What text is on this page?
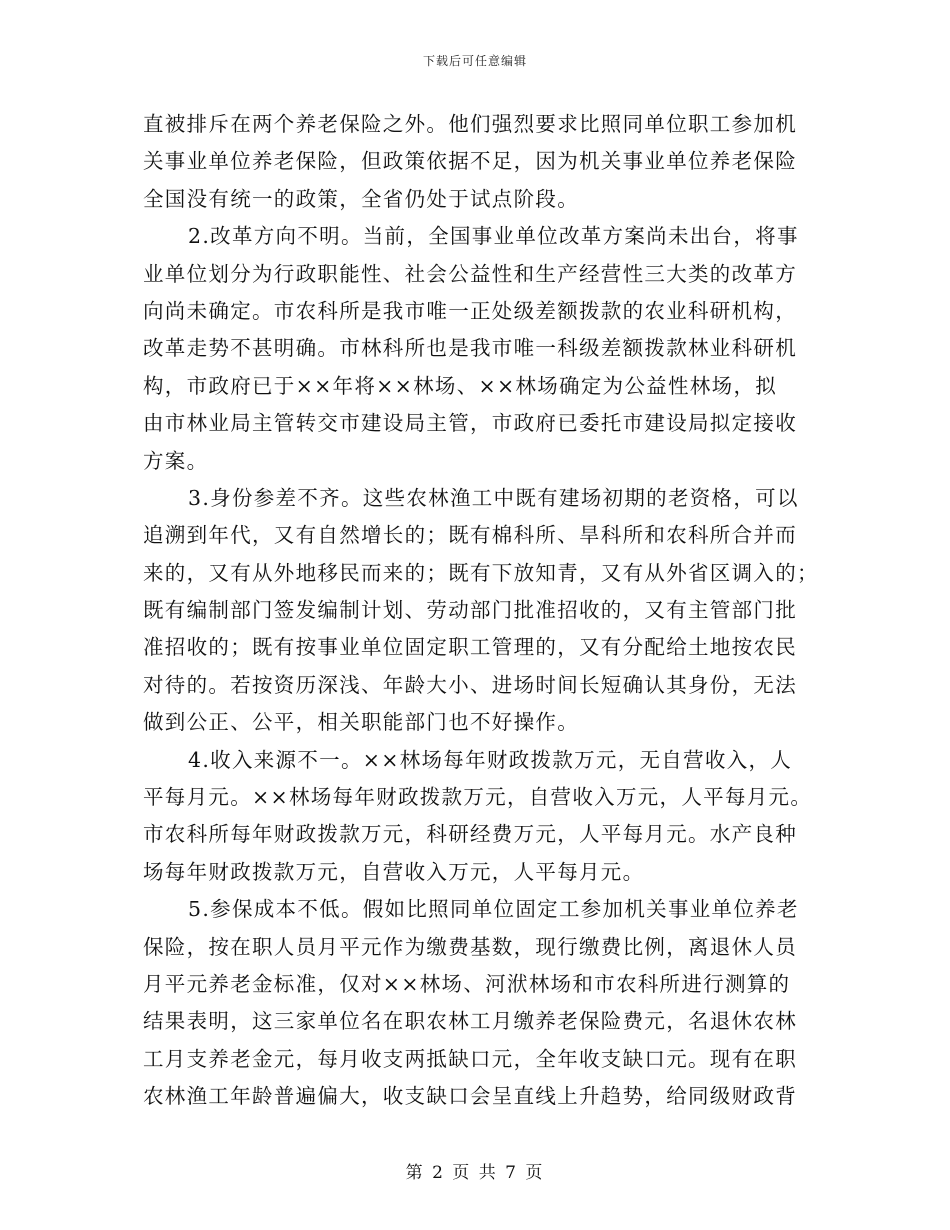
下载后可任意编辑
直被排斥在两个养老保险之外。他们强烈要求比照同单位职工参加机
关事业单位养老保险，但政策依据不足，因为机关事业单位养老保险
全国没有统一的政策，全省仍处于试点阶段。
2.改革方向不明。当前，全国事业单位改革方案尚未出台，将事
业单位划分为行政职能性、社会公益性和生产经营性三大类的改革方
向尚未确定。市农科所是我市唯一正处级差额拨款的农业科研机构，
改革走势不甚明确。市林科所也是我市唯一科级差额拨款林业科研机
构，市政府已于××年将××林场、××林场确定为公益性林场，拟
由市林业局主管转交市建设局主管，市政府已委托市建设局拟定接收
方案。
3.身份参差不齐。这些农林渔工中既有建场初期的老资格，可以
追溯到年代，又有自然增长的；既有棉科所、旱科所和农科所合并而
来的，又有从外地移民而来的；既有下放知青，又有从外省区调入的；
既有编制部门签发编制计划、劳动部门批准招收的，又有主管部门批
准招收的；既有按事业单位固定职工管理的，又有分配给土地按农民
对待的。若按资历深浅、年龄大小、进场时间长短确认其身份，无法
做到公正、公平，相关职能部门也不好操作。
4.收入来源不一。××林场每年财政拨款万元，无自营收入，人
平每月元。××林场每年财政拨款万元，自营收入万元，人平每月元。
市农科所每年财政拨款万元，科研经费万元，人平每月元。水产良种
场每年财政拨款万元，自营收入万元，人平每月元。
5.参保成本不低。假如比照同单位固定工参加机关事业单位养老
保险，按在职人员月平元作为缴费基数，现行缴费比例，离退休人员
月平元养老金标准，仅对××林场、河洑林场和市农科所进行测算的
结果表明，这三家单位名在职农林工月缴养老保险费元，名退休农林
工月支养老金元，每月收支两抵缺口元，全年收支缺口元。现有在职
农林渔工年龄普遍偏大，收支缺口会呈直线上升趋势，给同级财政背
第 2 页 共 7 页
